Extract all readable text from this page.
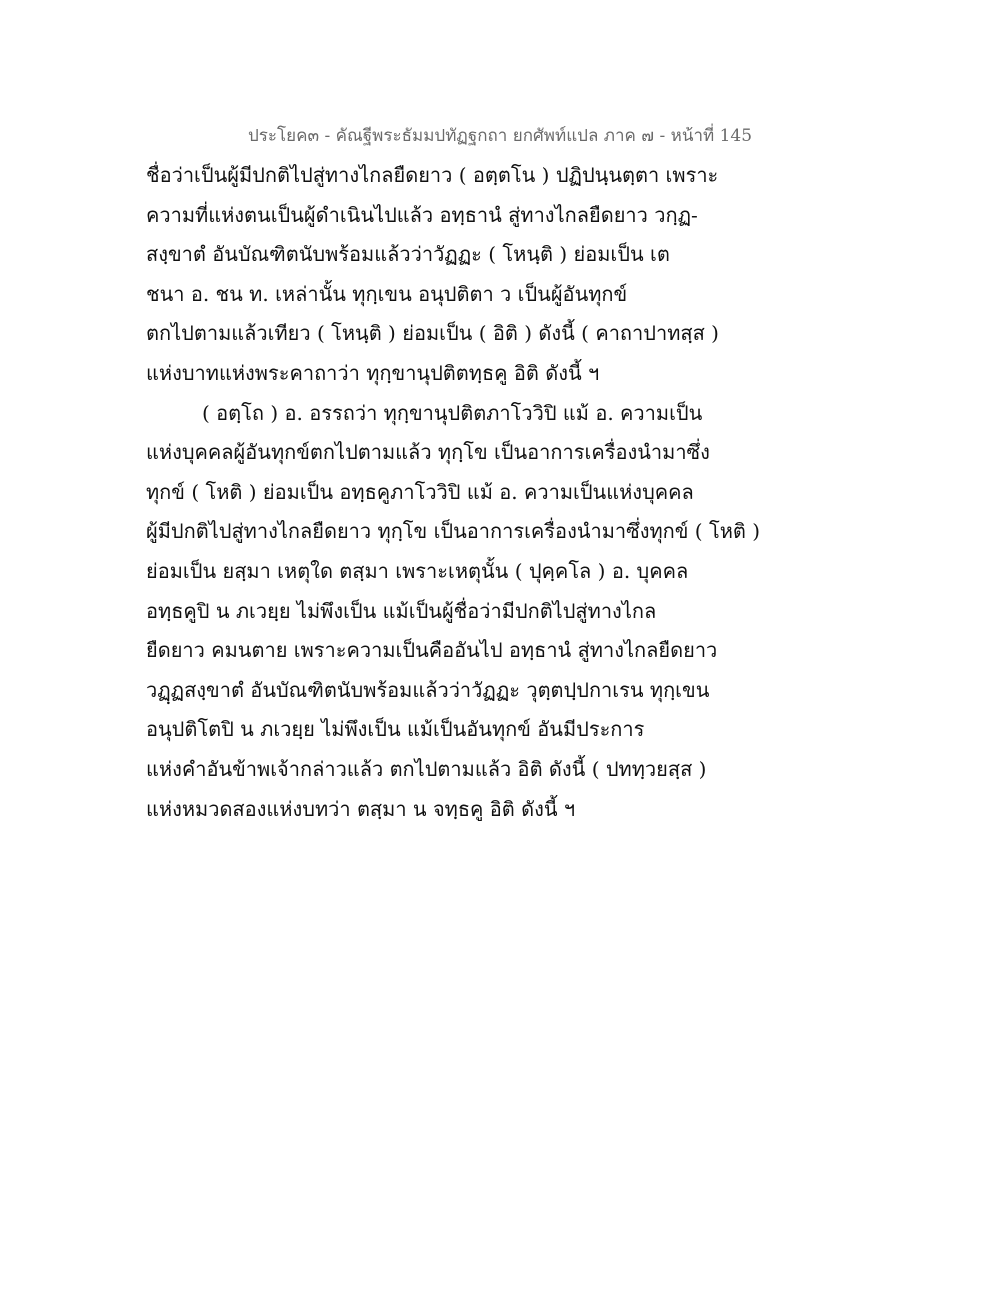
ประโยค๓ - คัณฐีพระธัมมปทัฏฐกถา ยกศัพท์แปล ภาค ๗ - หน้าที่ 145
ชื่อว่าเป็นผู้มีปกติไปสู่ทางไกลยืดยาว ( อตฺตโน ) ปฏิปนฺนตฺตา เพราะ
ความที่แห่งตนเป็นผู้ดำเนินไปแล้ว อทฺธานํ สู่ทางไกลยืดยาว วกฺฏ-
สงฺขาตํ อันบัณฑิตนับพร้อมแล้วว่าวัฏฏะ ( โหนฺติ ) ย่อมเป็น เต
ชนา อ. ชน ท. เหล่านั้น ทุกฺเขน อนุปติตา ว เป็นผู้อันทุกข์
ตกไปตามแล้วเทียว ( โหนฺติ ) ย่อมเป็น ( อิติ ) ดังนี้ ( คาถาปาทสฺส )
แห่งบาทแห่งพระคาถาว่า ทุกฺขานุปติตทฺธคู อิติ ดังนี้ ฯ
( อตฺโถ ) อ. อรรถว่า ทุกฺขานุปติตภาโววิปิ แม้ อ. ความเป็น
แห่งบุคคลผู้อันทุกข์ตกไปตามแล้ว ทุกฺโข เป็นอาการเครื่องนำมาซึ่ง
ทุกข์ ( โหติ ) ย่อมเป็น อทฺธคูภาโววิปิ แม้ อ. ความเป็นแห่งบุคคล
ผู้มีปกติไปสู่ทางไกลยืดยาว ทุกฺโข เป็นอาการเครื่องนำมาซึ่งทุกข์ ( โหติ )
ย่อมเป็น ยสฺมา เหตุใด ตสฺมา เพราะเหตุนั้น ( ปุคฺคโล ) อ. บุคคล
อทฺธคูปิ น ภเวยฺย ไม่พึงเป็น แม้เป็นผู้ชื่อว่ามีปกติไปสู่ทางไกล
ยืดยาว คมนตาย เพราะความเป็นคืออันไป อทฺธานํ สู่ทางไกลยืดยาว
วฏฺฏสงฺขาตํ อันบัณฑิตนับพร้อมแล้วว่าวัฏฏะ วุตฺตปฺปกาเรน ทุกฺเขน
อนุปติโตปิ น ภเวยฺย ไม่พึงเป็น แม้เป็นอันทุกข์ อันมีประการ
แห่งคำอันข้าพเจ้ากล่าวแล้ว ตกไปตามแล้ว อิติ ดังนี้ ( ปททฺวยสฺส )
แห่งหมวดสองแห่งบทว่า ตสฺมา น จทฺธคู อิติ ดังนี้ ฯ
